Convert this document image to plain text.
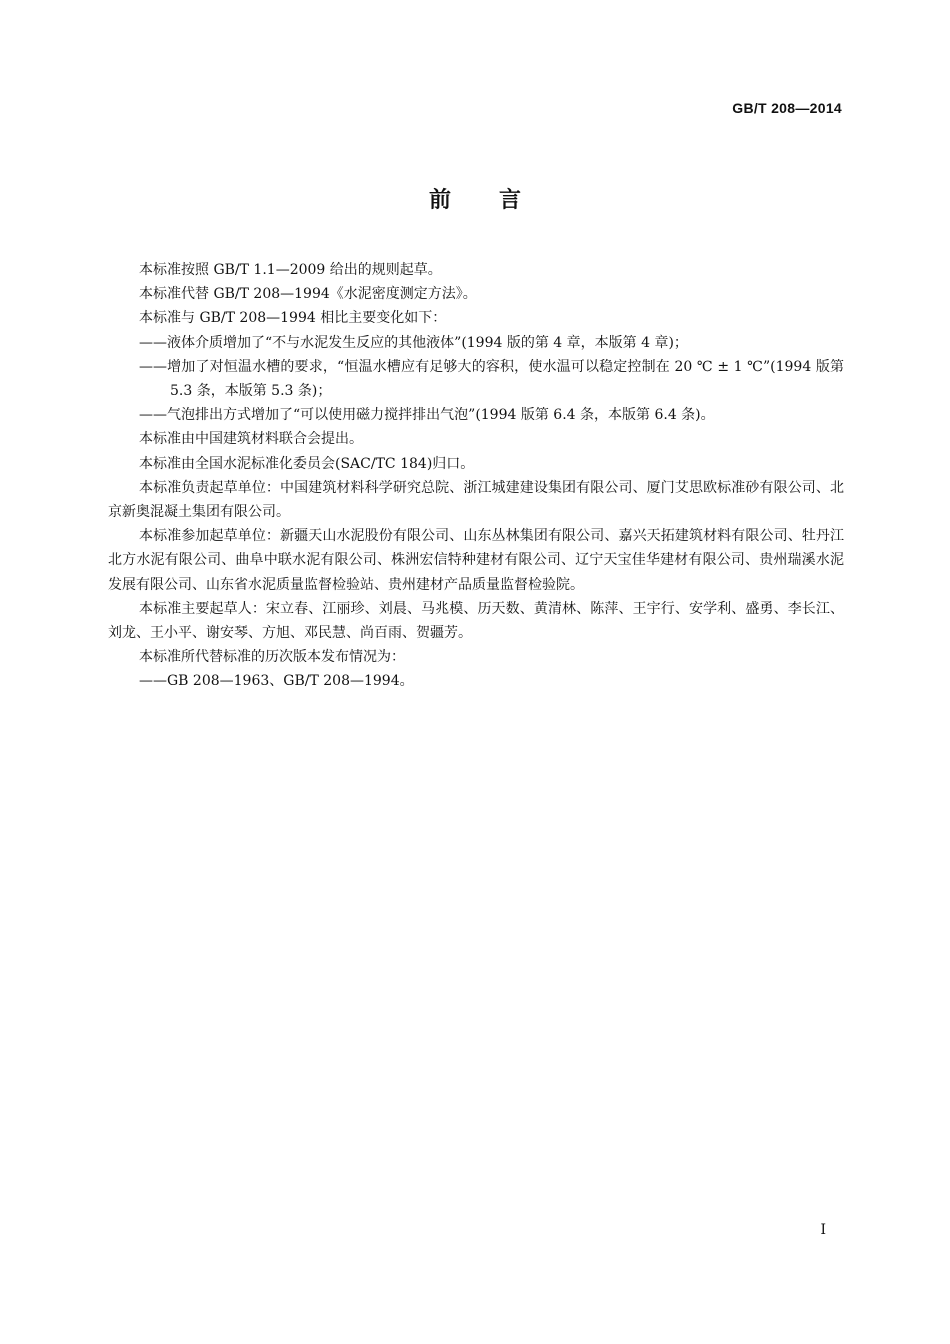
GB/T 208—2014
前言

本标准按照 GB/T 1.1—2009 给出的规则起草。

本标准代替 GB/T 208—1994《水泥密度测定方法》。

本标准与 GB/T 208—1994 相比主要变化如下：

——液体介质增加了“不与水泥发生反应的其他液体”(1994 版的第 4 章，本版第 4 章)；

——增加了对恒温水槽的要求，“恒温水槽应有足够大的容积，使水温可以稳定控制在 20 ℃ ± 1 ℃”(1994 版第 5.3 条，本版第 5.3 条)；

——气泡排出方式增加了“可以使用磁力搅拌排出气泡”(1994 版第 6.4 条，本版第 6.4 条)。

本标准由中国建筑材料联合会提出。

本标准由全国水泥标准化委员会(SAC/TC 184)归口。

本标准负责起草单位：中国建筑材料科学研究总院、浙江城建建设集团有限公司、厦门艾思欧标准砂有限公司、北京新奥混凝土集团有限公司。

本标准参加起草单位：新疆天山水泥股份有限公司、山东丛林集团有限公司、嘉兴天拓建筑材料有限公司、牡丹江北方水泥有限公司、曲阜中联水泥有限公司、株洲宏信特种建材有限公司、辽宁天宝佳华建材有限公司、贵州瑞溪水泥发展有限公司、山东省水泥质量监督检验站、贵州建材产品质量监督检验院。

本标准主要起草人：宋立春、江丽珍、刘晨、马兆模、历天数、黄清林、陈萍、王宇行、安学利、盛勇、李长江、刘龙、王小平、谢安琴、方旭、邓民慧、尚百雨、贺疆芳。

本标准所代替标准的历次版本发布情况为：

——GB 208—1963、GB/T 208—1994。

I
